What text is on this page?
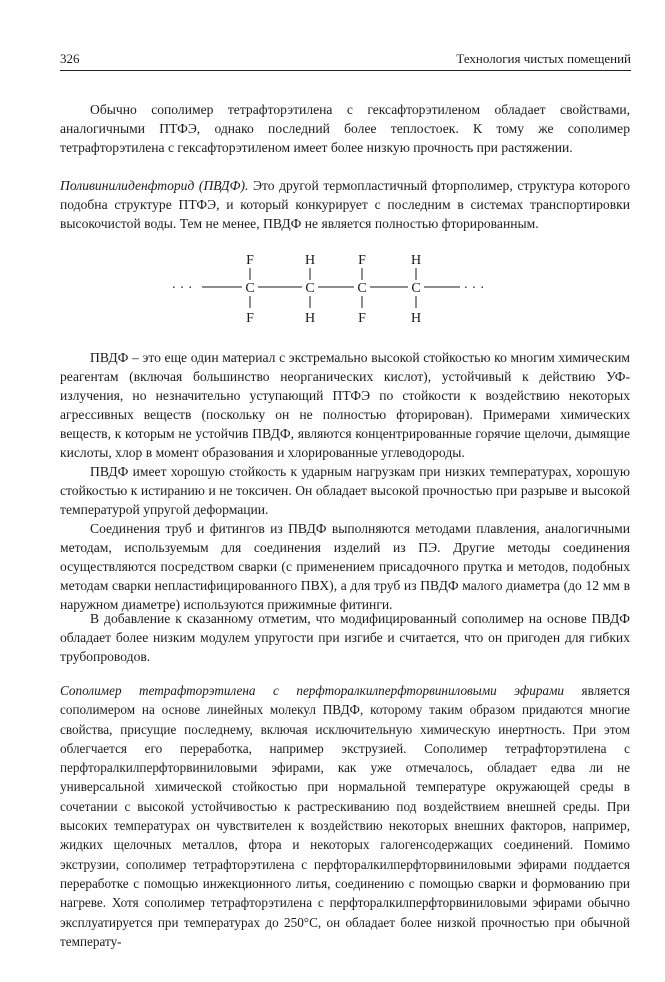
326	Технология чистых помещений

Обычно сополимер тетрафторэтилена с гексафторэтиленом обладает свойствами, аналогичными ПТФЭ, однако последний более теплостоек. К тому же сополимер тетрафторэтилена с гексафторэтиленом имеет более низкую прочность при растяжении.

Поливинилиденфторид (ПВДФ). Это другой термопластичный фторполимер, структура которого подобна структуре ПТФЭ, и который конкурирует с последним в системах транспортировки высокочистой воды. Тем не менее, ПВДФ не является полностью фторированным.

F	H	F	H
· · ·	C	C	C	C	· · ·
F	H	F	H

ПВДФ – это еще один материал с экстремально высокой стойкостью ко многим химическим реагентам (включая большинство неорганических кислот), устойчивый к действию УФ-излучения, но незначительно уступающий ПТФЭ по стойкости к воздействию некоторых агрессивных веществ (поскольку он не полностью фторирован). Примерами химических веществ, к которым не устойчив ПВДФ, являются концентрированные горячие щелочи, дымящие кислоты, хлор в момент образования и хлорированные углеводороды.

ПВДФ имеет хорошую стойкость к ударным нагрузкам при низких температурах, хорошую стойкостью к истиранию и не токсичен. Он обладает высокой прочностью при разрыве и высокой температурой упругой деформации.

Соединения труб и фитингов из ПВДФ выполняются методами плавления, аналогичными методам, используемым для соединения изделий из ПЭ. Другие методы соединения осуществляются посредством сварки (с применением присадочного прутка и методов, подобных методам сварки непластифицированного ПВХ), а для труб из ПВДФ малого диаметра (до 12 мм в наружном диаметре) используются прижимные фитинги.

В добавление к сказанному отметим, что модифицированный сополимер на основе ПВДФ обладает более низким модулем упругости при изгибе и считается, что он пригоден для гибких трубопроводов.

Сополимер тетрафторэтилена с перфторалкилперфторвиниловыми эфирами является сополимером на основе линейных молекул ПВДФ, которому таким образом придаются многие свойства, присущие последнему, включая исключительную химическую инертность. При этом облегчается его переработка, например экструзией. Сополимер тетрафторэтилена с перфторалкилперфторвиниловыми эфирами, как уже отмечалось, обладает едва ли не универсальной химической стойкостью при нормальной температуре окружающей среды в сочетании с высокой устойчивостью к растрескиванию под воздействием внешней среды. При высоких температурах он чувствителен к воздействию некоторых внешних факторов, например, жидких щелочных металлов, фтора и некоторых галогенсодержащих соединений. Помимо экструзии, сополимер тетрафторэтилена с перфторалкилперфторвиниловыми эфирами поддается переработке с помощью инжекционного литья, соединению с помощью сварки и формованию при нагреве. Хотя сополимер тетрафторэтилена с перфторалкилперфторвиниловыми эфирами обычно эксплуатируется при температурах до 250°С, он обладает более низкой прочностью при обычной температу-
